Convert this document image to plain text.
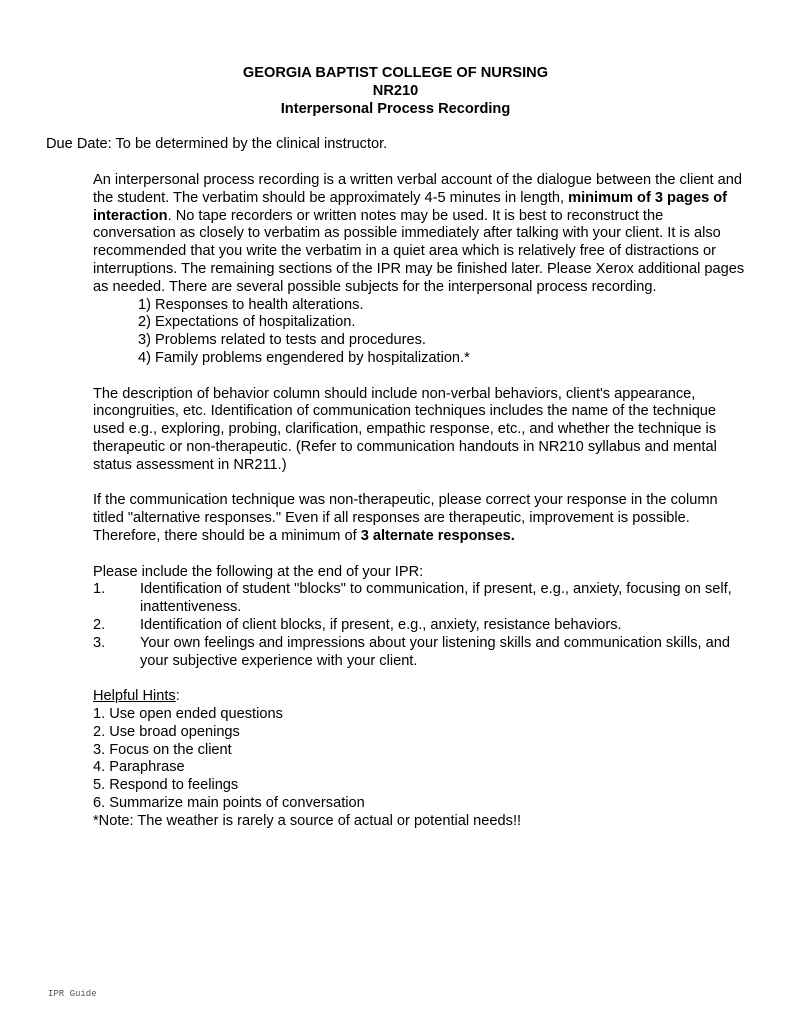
GEORGIA BAPTIST COLLEGE OF NURSING
NR210
Interpersonal Process Recording
Due Date: To be determined by the clinical instructor.

An interpersonal process recording is a written verbal account of the dialogue between the client and the student. The verbatim should be approximately 4-5 minutes in length, minimum of 3 pages of interaction. No tape recorders or written notes may be used. It is best to reconstruct the conversation as closely to verbatim as possible immediately after talking with your client. It is also recommended that you write the verbatim in a quiet area which is relatively free of distractions or interruptions. The remaining sections of the IPR may be finished later. Please Xerox additional pages as needed. There are several possible subjects for the interpersonal process recording.

1) Responses to health alterations.
2) Expectations of hospitalization.
3) Problems related to tests and procedures.
4) Family problems engendered by hospitalization.*

The description of behavior column should include non-verbal behaviors, client's appearance, incongruities, etc. Identification of communication techniques includes the name of the technique used e.g., exploring, probing, clarification, empathic response, etc., and whether the technique is therapeutic or non-therapeutic. (Refer to communication handouts in NR210 syllabus and mental status assessment in NR211.)

If the communication technique was non-therapeutic, please correct your response in the column titled "alternative responses." Even if all responses are therapeutic, improvement is possible. Therefore, there should be a minimum of 3 alternate responses.

Please include the following at the end of your IPR:

1. Identification of student "blocks" to communication, if present, e.g., anxiety, focusing on self, inattentiveness.
2. Identification of client blocks, if present, e.g., anxiety, resistance behaviors.
3. Your own feelings and impressions about your listening skills and communication skills, and your subjective experience with your client.

Helpful Hints:

1. Use open ended questions
2. Use broad openings
3. Focus on the client
4. Paraphrase
5. Respond to feelings
6. Summarize main points of conversation

*Note: The weather is rarely a source of actual or potential needs!!

IPR Guide
